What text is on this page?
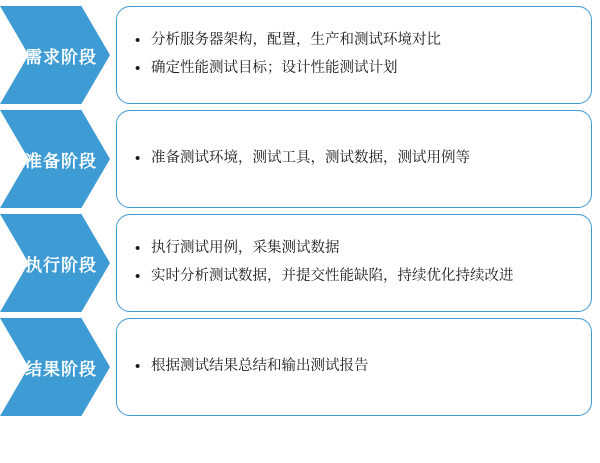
需求阶段
• 分析服务器架构，配置，生产和测试环境对比
• 确定性能测试目标；设计性能测试计划
准备阶段	• 准备测试环境，测试工具，测试数据，测试用例等
执行阶段
• 执行测试用例，采集测试数据
• 实时分析测试数据，并提交性能缺陷，持续优化持续改进
结果阶段	• 根据测试结果总结和输出测试报告
